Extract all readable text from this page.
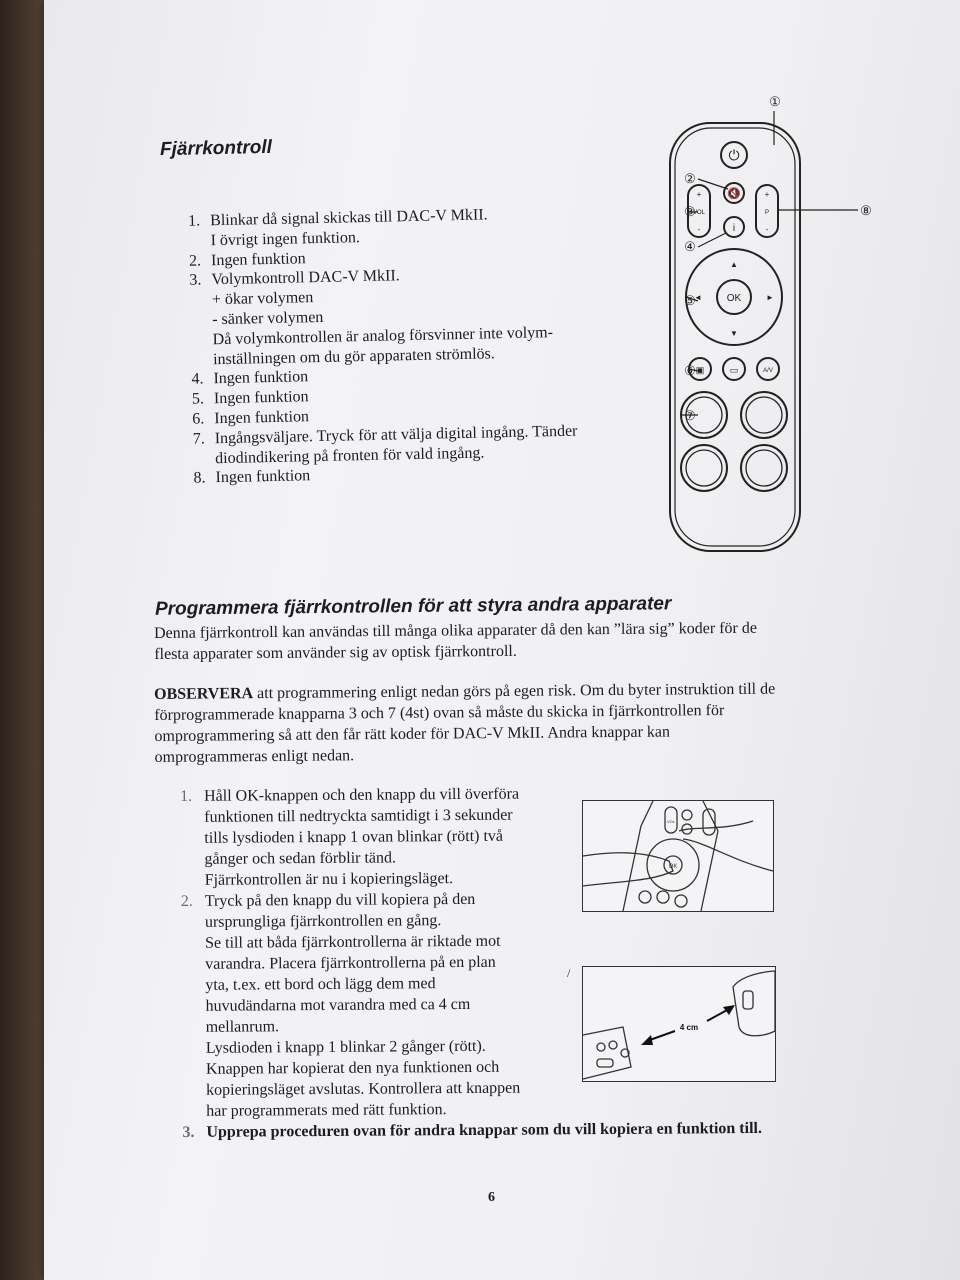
Fjärrkontroll
1. Blinkar då signal skickas till DAC-V MkII.
I övrigt ingen funktion.
2. Ingen funktion
3. Volymkontroll DAC-V MkII.
+ ökar volymen
- sänker volymen
Då volymkontrollen är analog försvinner inte volym-
inställningen om du gör apparaten strömlös.
4. Ingen funktion
5. Ingen funktion
6. Ingen funktion
7. Ingångsväljare. Tryck för att välja digital ingång. Tänder
diodindikering på fronten för vald ingång.
8. Ingen funktion
①
②
③
④
⑤
⑥
⑦
⑧
⏻
🔇
i
+
VOL
-
+
P
-
OK
▲
▼
◄	►
A/V
▣	▭
Programmera fjärrkontrollen för att styra andra apparater
Denna fjärrkontroll kan användas till många olika apparater då den kan ”lära sig” koder för de
flesta apparater som använder sig av optisk fjärrkontroll.
OBSERVERA att programmering enligt nedan görs på egen risk. Om du byter instruktion till de
förprogrammerade knapparna 3 och 7 (4st) ovan så måste du skicka in fjärrkontrollen för
omprogrammering så att den får rätt koder för DAC-V MkII. Andra knappar kan
omprogrammeras enligt nedan.
1. Håll OK-knappen och den knapp du vill överföra
funktionen till nedtryckta samtidigt i 3 sekunder
tills lysdioden i knapp 1 ovan blinkar (rött) två
gånger och sedan förblir tänd.
Fjärrkontrollen är nu i kopieringsläget.
2. Tryck på den knapp du vill kopiera på den
ursprungliga fjärrkontrollen en gång.
Se till att båda fjärrkontrollerna är riktade mot
varandra. Placera fjärrkontrollerna på en plan
yta, t.ex. ett bord och lägg dem med
huvudändarna mot varandra med ca 4 cm
mellanrum.
Lysdioden i knapp 1 blinkar 2 gånger (rött).
Knappen har kopierat den nya funktionen och
kopieringsläget avslutas. Kontrollera att knappen
har programmerats med rätt funktion.
3. Upprepa proceduren ovan för andra knappar som du vill kopiera en funktion till.
OK
VOL
/
4 cm
6
